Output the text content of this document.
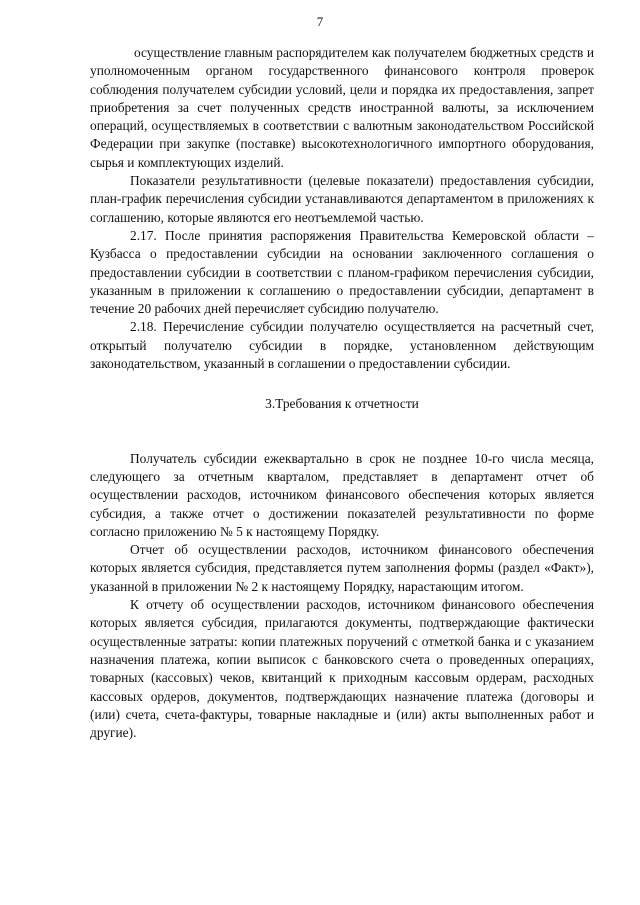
7

осуществление главным распорядителем как получателем бюджетных средств и уполномоченным органом государственного финансового контроля проверок соблюдения получателем субсидии условий, цели и порядка их предоставления, запрет приобретения за счет полученных средств иностранной валюты, за исключением операций, осуществляемых в соответствии с валютным законодательством Российской Федерации при закупке (поставке) высокотехнологичного импортного оборудования, сырья и комплектующих изделий.

Показатели результативности (целевые показатели) предоставления субсидии, план-график перечисления субсидии устанавливаются департаментом в приложениях к соглашению, которые являются его неотъемлемой частью.

2.17. После принятия распоряжения Правительства Кемеровской области – Кузбасса о предоставлении субсидии на основании заключенного соглашения о предоставлении субсидии в соответствии с планом-графиком перечисления субсидии, указанным в приложении к соглашению о предоставлении субсидии, департамент в течение 20 рабочих дней перечисляет субсидию получателю.

2.18. Перечисление субсидии получателю осуществляется на расчетный счет, открытый получателю субсидии в порядке, установленном действующим законодательством, указанный в соглашении о предоставлении субсидии.

3.Требования к отчетности

Получатель субсидии ежеквартально в срок не позднее 10-го числа месяца, следующего за отчетным кварталом, представляет в департамент отчет об осуществлении расходов, источником финансового обеспечения которых является субсидия, а также отчет о достижении показателей результативности по форме согласно приложению № 5 к настоящему Порядку.

Отчет об осуществлении расходов, источником финансового обеспечения которых является субсидия, представляется путем заполнения формы (раздел «Факт»), указанной в приложении № 2 к настоящему Порядку, нарастающим итогом.

К отчету об осуществлении расходов, источником финансового обеспечения которых является субсидия, прилагаются документы, подтверждающие фактически осуществленные затраты: копии платежных поручений с отметкой банка и с указанием назначения платежа, копии выписок с банковского счета о проведенных операциях, товарных (кассовых) чеков, квитанций к приходным кассовым ордерам, расходных кассовых ордеров, документов, подтверждающих назначение платежа (договоры и (или) счета, счета-фактуры, товарные накладные и (или) акты выполненных работ и другие).
